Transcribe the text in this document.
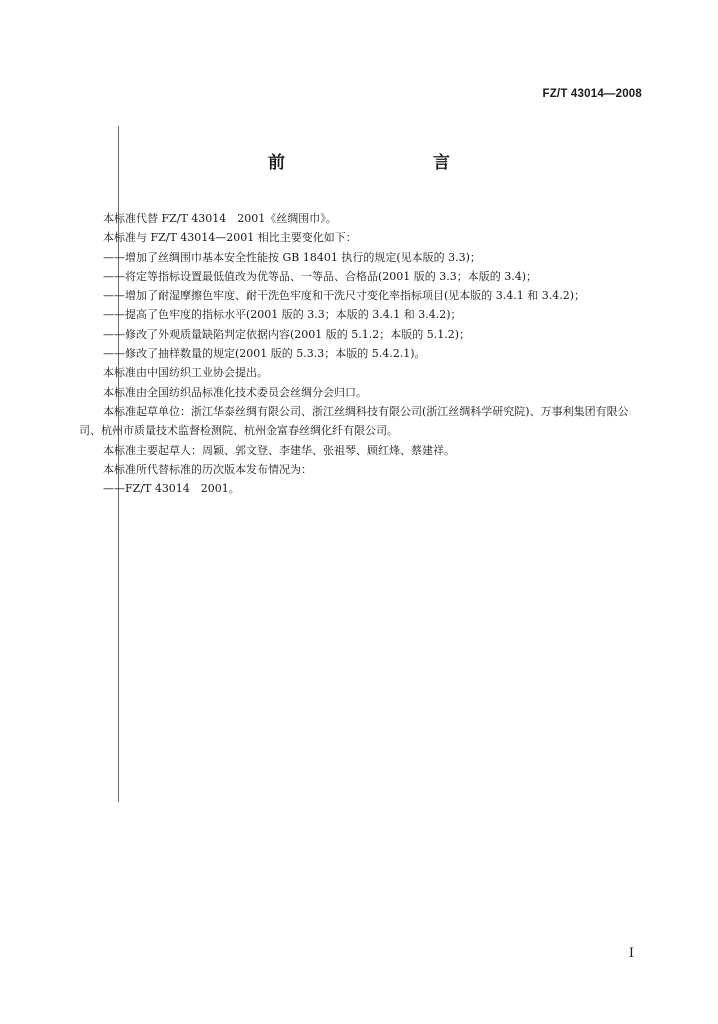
FZ/T 43014—2008
前　　言
本标准代替 FZ/T 43014　2001《丝绸围巾》。
本标准与 FZ/T 43014—2001 相比主要变化如下：
——增加了丝绸围巾基本安全性能按 GB 18401 执行的规定(见本版的 3.3)；
——将定等指标设置最低值改为优等品、一等品、合格品(2001 版的 3.3；本版的 3.4)；
——增加了耐湿摩擦色牢度、耐干洗色牢度和干洗尺寸变化率指标项目(见本版的 3.4.1 和 3.4.2)；
——提高了色牢度的指标水平(2001 版的 3.3；本版的 3.4.1 和 3.4.2)；
——修改了外观质量缺陷判定依据内容(2001 版的 5.1.2；本版的 5.1.2)；
——修改了抽样数量的规定(2001 版的 5.3.3；本版的 5.4.2.1)。
本标准由中国纺织工业协会提出。
本标准由全国纺织品标准化技术委员会丝绸分会归口。
本标准起草单位：浙江华泰丝绸有限公司、浙江丝绸科技有限公司(浙江丝绸科学研究院)、万事利集团有限公司、杭州市质量技术监督检测院、杭州金富春丝绸化纤有限公司。
本标准主要起草人：周颖、郭文登、李建华、张祖琴、顾红烽、蔡建祥。
本标准所代替标准的历次版本发布情况为：
——FZ/T 43014　2001。
I
